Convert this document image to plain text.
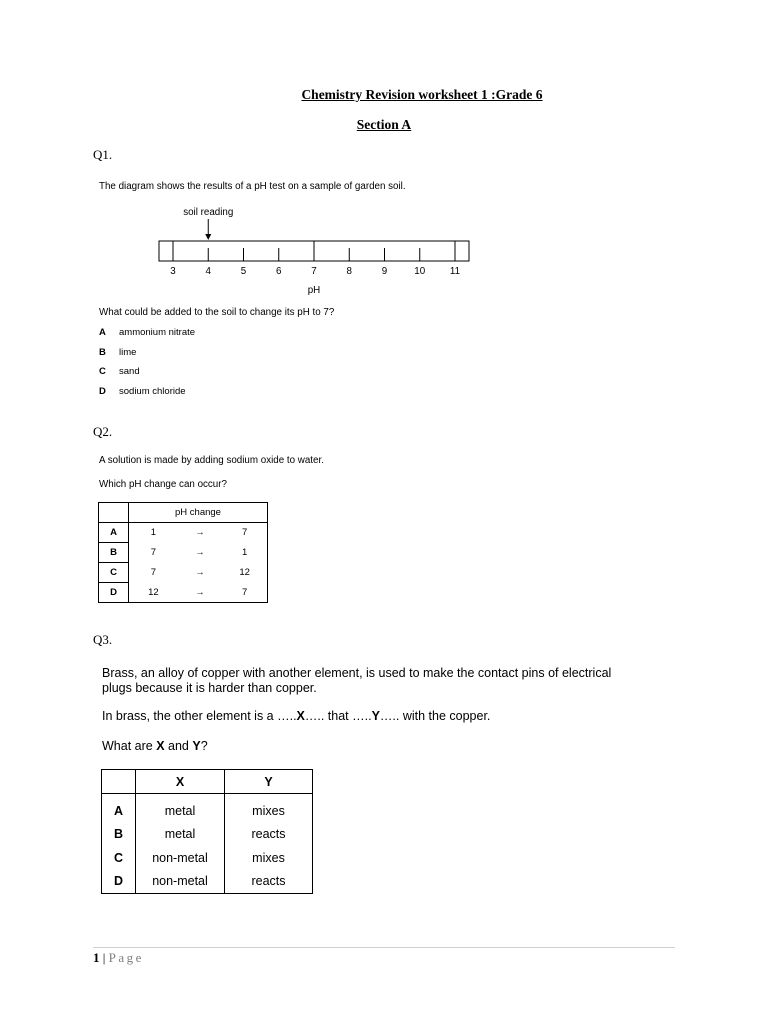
Chemistry Revision worksheet 1 :Grade 6
Section A
Q1.
The diagram shows the results of a pH test on a sample of garden soil.
soil reading
3	4	5	6	7	8	9	10	11
pH
What could be added to the soil to change its pH to 7?
A ammonium nitrate
B lime
C sand
D sodium chloride
Q2.
A solution is made by adding sodium oxide to water.
Which pH change can occur?
	pH change		
A	1	→	7
B	7	→	1
C	7	→	12
D	12	→	7
Q3.
Brass, an alloy of copper with another element, is used to make the contact pins of electrical
plugs because it is harder than copper.
In brass, the other element is a …..X….. that …..Y….. with the copper.
What are X and Y?
	X	Y
A	metal	mixes
B	metal	reacts
C	non-metal	mixes
D	non-metal	reacts
1 | Page
